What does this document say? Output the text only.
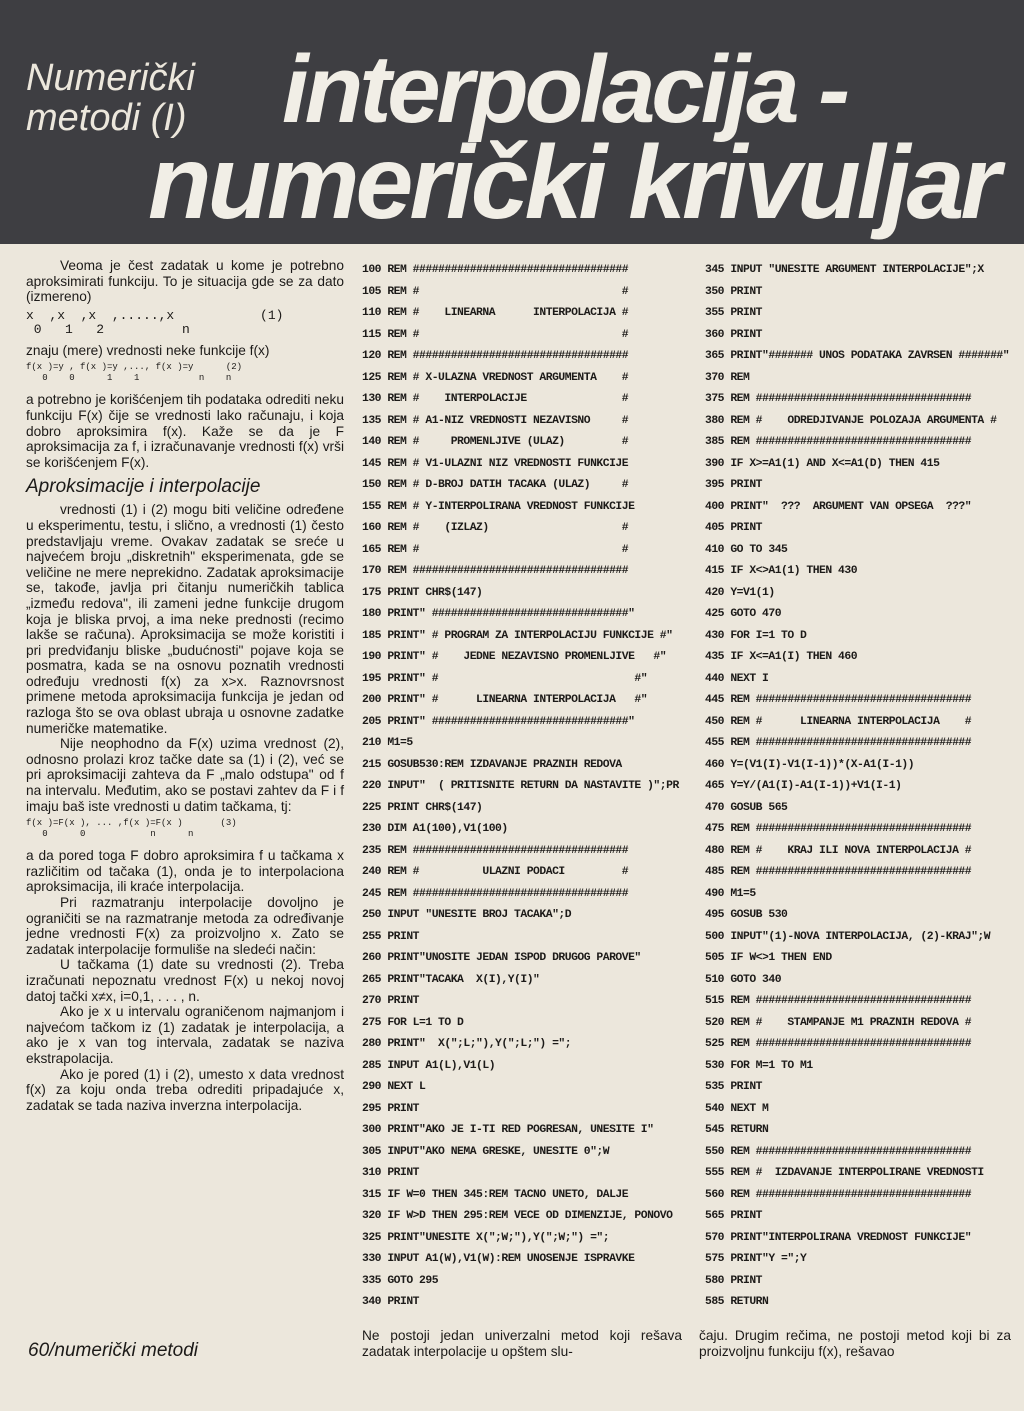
Numerički
metodi (I) interpolacija -
numerički krivuljar

Veoma je čest zadatak u kome je potrebno aproksimirati funkciju. To je situacija gde se za dato (izmereno)

x  ,x  ,x  ,.....,x           (1)
0   1   2          n

znaju (mere) vrednosti neke funkcije f(x)

f(x )=y , f(x )=y ,..., f(x )=y      (2)
0    0      1    1           n    n

a potrebno je korišćenjem tih podataka odrediti neku funkciju F(x) čije se vrednosti lako računaju, i koja dobro aproksimira f(x). Kaže se da je F aproksimacija za f, i izračunavanje vrednosti f(x) vrši se korišćenjem F(x).

Aproksimacije i interpolacije

vrednosti (1) i (2) mogu biti veličine određene u eksperimentu, testu, i slično, a vrednosti (1) često predstavljaju vreme. Ovakav zadatak se sreće u najvećem broju „diskretnih" eksperimenata, gde se veličine ne mere neprekidno. Zadatak aproksimacije se, takođe, javlja pri čitanju numeričkih tablica „između redova", ili zameni jedne funkcije drugom koja je bliska prvoj, a ima neke prednosti (recimo lakše se računa). Aproksimacija se može koristiti i pri predviđanju bliske „budućnosti" pojave koja se posmatra, kada se na osnovu poznatih vrednosti određuju vrednosti f(x) za x>x. Raznovrsnost primene metoda aproksimacija funkcija je jedan od razloga što se ova oblast ubraja u osnovne zadatke numeričke matematike.

Nije neophodno da F(x) uzima vrednost (2), odnosno prolazi kroz tačke date sa (1) i (2), već se pri aproksimaciji zahteva da F „malo odstupa" od f na intervalu. Međutim, ako se postavi zahtev da F i f imaju baš iste vrednosti u datim tačkama, tj:

f(x )=F(x ), ... ,f(x )=F(x )       (3)
0      0            n      n

a da pored toga F dobro aproksimira f u tačkama x različitim od tačaka (1), onda je to interpolaciona aproksimacija, ili kraće interpolacija.

Pri razmatranju interpolacije dovoljno je ograničiti se na razmatranje metoda za određivanje jedne vrednosti F(x) za proizvoljno x. Zato se zadatak interpolacije formuliše na sledeći način:

U tačkama (1) date su vrednosti (2). Treba izračunati nepoznatu vrednost F(x) u nekoj novoj datoj tački x≠x, i=0,1, . . . , n.

Ako je x u intervalu ograničenom najmanjom i najvećom tačkom iz (1) zadatak je interpolacija, a ako je x van tog intervala, zadatak se naziva ekstrapolacija.

Ako je pored (1) i (2), umesto x data vrednost f(x) za koju onda treba odrediti pripadajuće x, zadatak se tada naziva inverzna interpolacija.

100 REM ##################################
105 REM #                                #
110 REM #    LINEARNA      INTERPOLACIJA #
115 REM #                                #
120 REM ##################################
125 REM # X-ULAZNA VREDNOST ARGUMENTA    #
130 REM #    INTERPOLACIJE               #
135 REM # A1-NIZ VREDNOSTI NEZAVISNO     #
140 REM #     PROMENLJIVE (ULAZ)         #
145 REM # V1-ULAZNI NIZ VREDNOSTI FUNKCIJE
150 REM # D-BROJ DATIH TACAKA (ULAZ)     #
155 REM # Y-INTERPOLIRANA VREDNOST FUNKCIJE
160 REM #    (IZLAZ)                     #
165 REM #                                #
170 REM ##################################
175 PRINT CHR$(147)
180 PRINT" ###############################"
185 PRINT" # PROGRAM ZA INTERPOLACIJU FUNKCIJE #"
190 PRINT" #    JEDNE NEZAVISNO PROMENLJIVE   #"
195 PRINT" #                               #"
200 PRINT" #      LINEARNA INTERPOLACIJA   #"
205 PRINT" ###############################"
210 M1=5
215 GOSUB530:REM IZDAVANJE PRAZNIH REDOVA
220 INPUT"  ( PRITISNITE RETURN DA NASTAVITE )";PR
225 PRINT CHR$(147)
230 DIM A1(100),V1(100)
235 REM ##################################
240 REM #          ULAZNI PODACI         #
245 REM ##################################
250 INPUT "UNESITE BROJ TACAKA";D
255 PRINT
260 PRINT"UNOSITE JEDAN ISPOD DRUGOG PAROVE"
265 PRINT"TACAKA  X(I),Y(I)"
270 PRINT
275 FOR L=1 TO D
280 PRINT"  X(";L;"),Y(";L;") =";
285 INPUT A1(L),V1(L)
290 NEXT L
295 PRINT
300 PRINT"AKO JE I-TI RED POGRESAN, UNESITE I"
305 INPUT"AKO NEMA GRESKE, UNESITE 0";W
310 PRINT
315 IF W=0 THEN 345:REM TACNO UNETO, DALJE
320 IF W>D THEN 295:REM VECE OD DIMENZIJE, PONOVO
325 PRINT"UNESITE X(";W;"),Y(";W;") =";
330 INPUT A1(W),V1(W):REM UNOSENJE ISPRAVKE
335 GOTO 295
340 PRINT
345 INPUT "UNESITE ARGUMENT INTERPOLACIJE";X
350 PRINT
355 PRINT
360 PRINT
365 PRINT"####### UNOS PODATAKA ZAVRSEN #######"
370 REM
375 REM ##################################
380 REM #    ODREDJIVANJE POLOZAJA ARGUMENTA #
385 REM ##################################
390 IF X>=A1(1) AND X<=A1(D) THEN 415
395 PRINT
400 PRINT"  ???  ARGUMENT VAN OPSEGA  ???"
405 PRINT
410 GO TO 345
415 IF X<>A1(1) THEN 430
420 Y=V1(1)
425 GOTO 470
430 FOR I=1 TO D
435 IF X<=A1(I) THEN 460
440 NEXT I
445 REM ##################################
450 REM #      LINEARNA INTERPOLACIJA    #
455 REM ##################################
460 Y=(V1(I)-V1(I-1))*(X-A1(I-1))
465 Y=Y/(A1(I)-A1(I-1))+V1(I-1)
470 GOSUB 565
475 REM ##################################
480 REM #    KRAJ ILI NOVA INTERPOLACIJA #
485 REM ##################################
490 M1=5
495 GOSUB 530
500 INPUT"(1)-NOVA INTERPOLACIJA, (2)-KRAJ";W
505 IF W<>1 THEN END
510 GOTO 340
515 REM ##################################
520 REM #    STAMPANJE M1 PRAZNIH REDOVA #
525 REM ##################################
530 FOR M=1 TO M1
535 PRINT
540 NEXT M
545 RETURN
550 REM ##################################
555 REM #  IZDAVANJE INTERPOLIRANE VREDNOSTI
560 REM ##################################
565 PRINT
570 PRINT"INTERPOLIRANA VREDNOST FUNKCIJE"
575 PRINT"Y =";Y
580 PRINT
585 RETURN
Ne postoji jedan univerzalni metod koji rešava zadatak interpolacije u opštem slu-
čaju. Drugim rečima, ne postoji metod koji bi za proizvoljnu funkciju f(x), rešavao
60/numerički metodi
